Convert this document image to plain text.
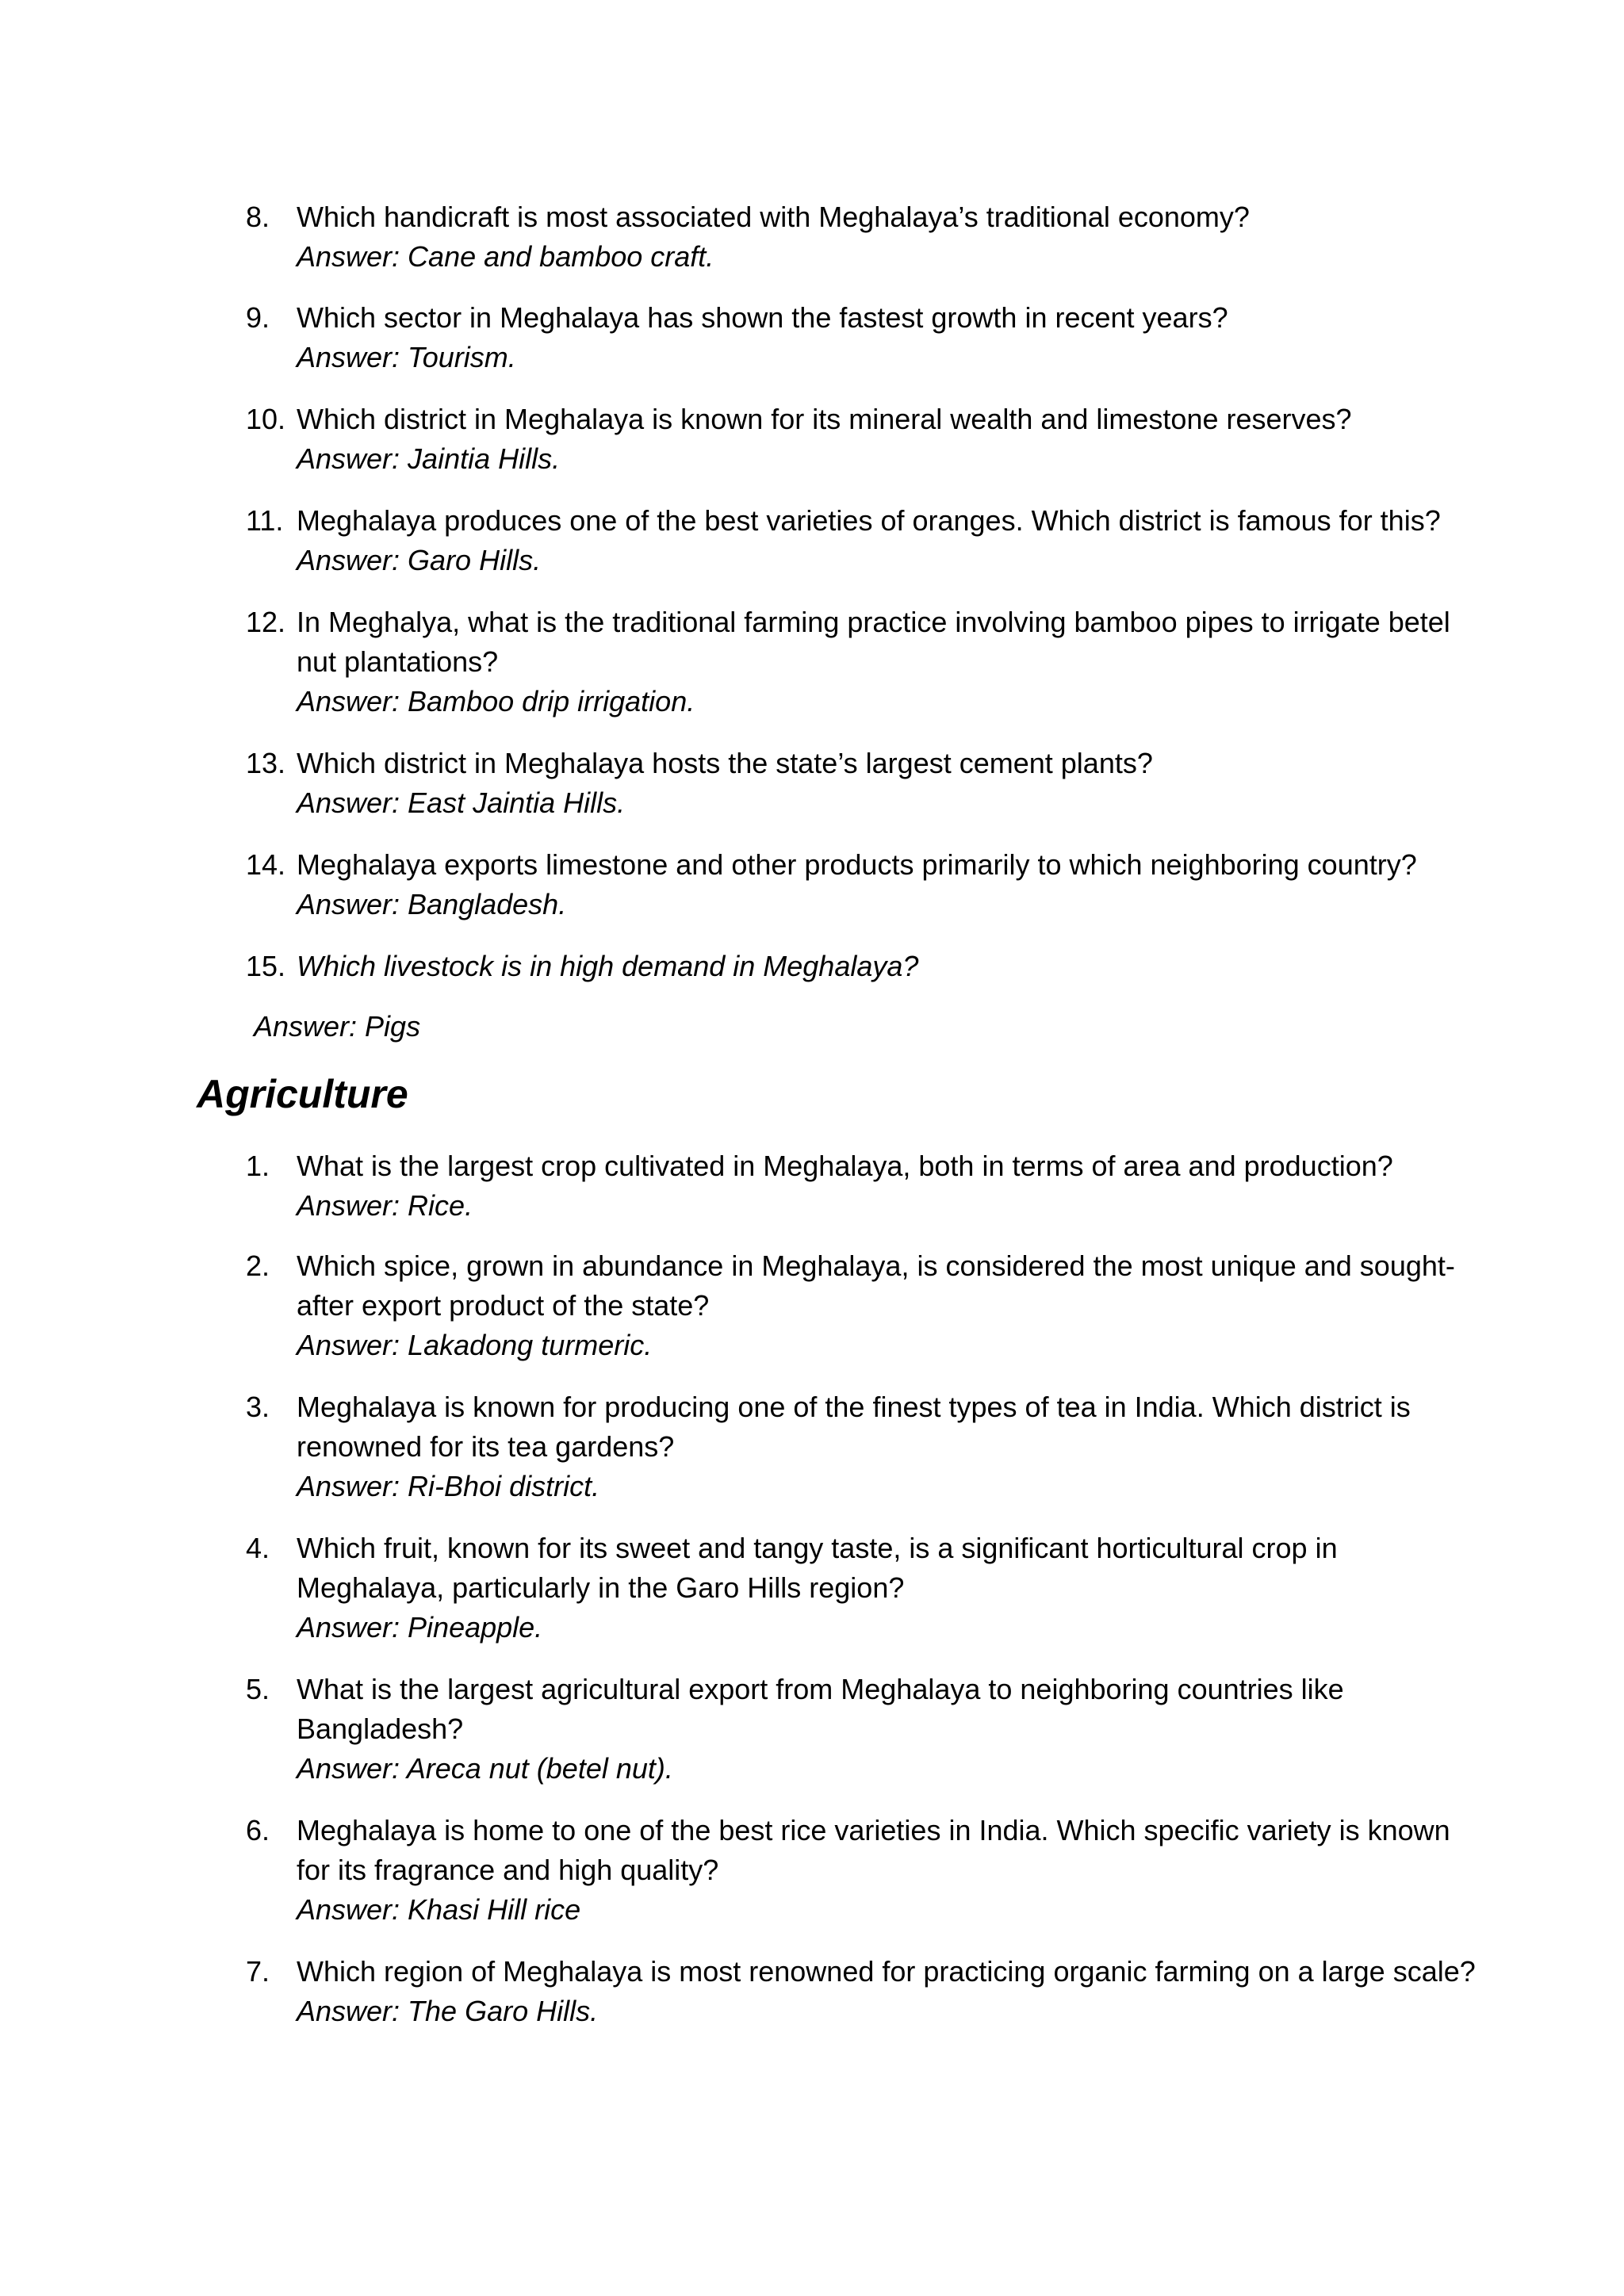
8. Which handicraft is most associated with Meghalaya’s traditional economy?
Answer: Cane and bamboo craft.
9. Which sector in Meghalaya has shown the fastest growth in recent years?
Answer: Tourism.
10. Which district in Meghalaya is known for its mineral wealth and limestone reserves?
Answer: Jaintia Hills.
11. Meghalaya produces one of the best varieties of oranges. Which district is famous for this?
Answer: Garo Hills.
12. In Meghalya, what is the traditional farming practice involving bamboo pipes to irrigate betel nut plantations?
Answer: Bamboo drip irrigation.
13. Which district in Meghalaya hosts the state’s largest cement plants?
Answer: East Jaintia Hills.
14. Meghalaya exports limestone and other products primarily to which neighboring country?
Answer: Bangladesh.
15. Which livestock is in high demand in Meghalaya?
Answer: Pigs
Agriculture
1. What is the largest crop cultivated in Meghalaya, both in terms of area and production?
Answer: Rice.
2. Which spice, grown in abundance in Meghalaya, is considered the most unique and sought-after export product of the state?
Answer: Lakadong turmeric.
3. Meghalaya is known for producing one of the finest types of tea in India. Which district is renowned for its tea gardens?
Answer: Ri-Bhoi district.
4. Which fruit, known for its sweet and tangy taste, is a significant horticultural crop in Meghalaya, particularly in the Garo Hills region?
Answer: Pineapple.
5. What is the largest agricultural export from Meghalaya to neighboring countries like Bangladesh?
Answer: Areca nut (betel nut).
6. Meghalaya is home to one of the best rice varieties in India. Which specific variety is known for its fragrance and high quality?
Answer: Khasi Hill rice
7. Which region of Meghalaya is most renowned for practicing organic farming on a large scale?
Answer: The Garo Hills.
